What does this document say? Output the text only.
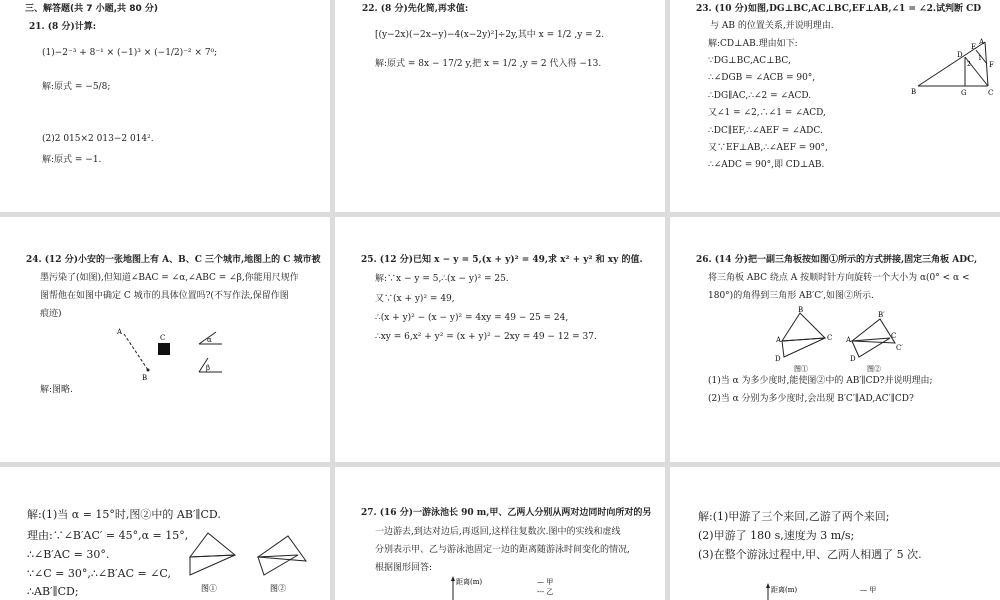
三、解答题(共 7 小题,共 80 分)
21. (8 分)计算:
(1)−2⁻³ + 8⁻¹ × (−1)³ × (−1/2)⁻² × 7⁰;
解:原式 = −5/8;
(2)2 015×2 013−2 014².
解:原式 = −1.
22. (8 分)先化简,再求值:
[(y−2x)(−2x−y)−4(x−2y)²]÷2y,其中 x = 1/2 ,y = 2.
解:原式 = 8x − 17/2 y,把 x = 1/2 ,y = 2 代入得 −13.
23. (10 分)如图,DG⊥BC,AC⊥BC,EF⊥AB,∠1 = ∠2.试判断 CD
与 AB 的位置关系,并说明理由.
解:CD⊥AB.理由如下:
∵DG⊥BC,AC⊥BC,
∴∠DGB = ∠ACB = 90°,
∴DG∥AC,∴∠2 = ∠ACD.
又∠1 = ∠2,∴∠1 = ∠ACD,
∴DC∥EF,∴∠AEF = ∠ADC.
又∵EF⊥AB,∴∠AEF = 90°,
∴∠ADC = 90°,即 CD⊥AB.
A
B	C
D
E
F
G
1
2
24. (12 分)小安的一张地图上有 A、B、C 三个城市,地图上的 C 城市被
墨污染了(如图),但知道∠BAC = ∠α,∠ABC = ∠β,你能用尺规作
图帮他在如图中确定 C 城市的具体位置吗?(不写作法,保留作图
痕迹)
A
B
C	α
β
解:图略.
25. (12 分)已知 x − y = 5,(x + y)² = 49,求 x² + y² 和 xy 的值.
解:∵x − y = 5,∴(x − y)² = 25.
又∵(x + y)² = 49,
∴(x + y)² − (x − y)² = 4xy = 49 − 25 = 24,
∴xy = 6,x² + y² = (x + y)² − 2xy = 49 − 12 = 37.
26. (14 分)把一副三角板按如图①所示的方式拼接,固定三角板 ADC,
将三角板 ABC 绕点 A 按顺时针方向旋转一个大小为 α(0° < α <
180°)的角得到三角形 AB′C′,如图②所示.
A
B
C
D
A
B′
C
C′
D
图①	图②
(1)当 α 为多少度时,能使图②中的 AB′∥CD?并说明理由;
(2)当 α 分别为多少度时,会出现 B′C′∥AD,AC′∥CD?
解:(1)当 α = 15°时,图②中的 AB′∥CD.
理由:∵∠B′AC′ = 45°,α = 15°,
∴∠B′AC = 30°.
∵∠C = 30°,∴∠B′AC = ∠C,
∴AB′∥CD;	图①	图②
27. (16 分)一游泳池长 90 m,甲、乙两人分别从两对边同时向所对的另
一边游去,到达对边后,再返回,这样往复数次.图中的实线和虚线
分别表示甲、乙与游泳池固定一边的距离随游泳时间变化的情况,
根据图形回答:
距离(m)	— 甲
--- 乙
解:(1)甲游了三个来回,乙游了两个来回;
(2)甲游了 180 s,速度为 3 m/s;
(3)在整个游泳过程中,甲、乙两人相遇了 5 次.
距离(m)	— 甲
